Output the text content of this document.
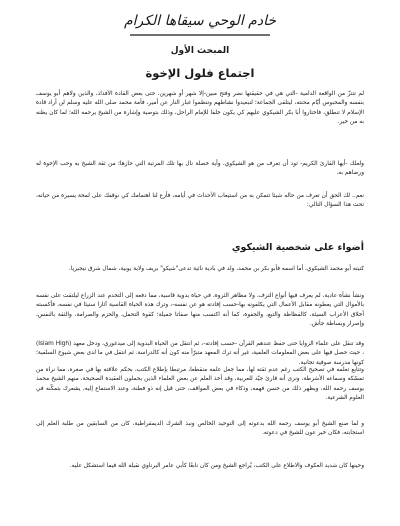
خادم الوحي سيقاها الكرام
المبحث الأول
اجتماع فلول الإخوة

لم تتنزّ من الواقعة الدامية -التي هي في حقيقتها نصر وفتح مبين-إلا شهر أو شهرين، حتى بعض القادة الأفذاذ، والذين ولاهم أبو يوسف بنفسه والمحبوس أيّام محنته، ليتلقى الجماعة؛ لتبعيدوا نشاطهم وتنظموا غبار النار عن أمير، فأمة محمد صلى الله عليه وسلم لن أراد قادة الإسلام لا تنطلق، فاختاروا أبا بكر الشيكوي عليهم كي يكون خلفا للإمام الراحل، وذلك بتوصية وإشارة من الشيخ يرحمه الله؛ لما كان يظنه به من خير.

ولعلك -أيها القارئ الكريم- تود أن تعرف من هو الشيكوي، وأية خصلة نال بها تلك المرتبة التي حازها؛ من ثقة الشيخ به وحب الإخوة له ورضاهم به.

نعم.. لك الحق أن تعرف من حاله شيئا تتمكن به من استيعاب الأحداث في أيامه، فأرع لنا اهتمامك كي نوقفك على لمحة يسيرة من حياته، تحت هذا السؤال التالي:

أضواء على شخصية الشيكوي

كنيته أبو محمد الشيكوي، أما اسمه فأبو بكر بن محمد، ولد في بادية نائية تدعى"شيكو" بريف ولاية يوبية، شمال شرق نيجيريا.

ونشأ نشأة عادية، لم يعرف فيها أنواع الترف، ولا مظاهر الثروة، في حياة بدوية قاسية، مما دفعه إلى التخدم عند الزراع ليلتقت على نفسه بالأموال التي يعطونه مقابل الأعمال التي يكلفونه بها-حسب إفادته هو عن نفسه-، وترك هذه الحياة القاسية آثارا سنيئا في نفسه، فأكسبته أخلاق الأعراب السيئة، كالفظاظة والتبع، والجفوة، كما أنه اكتسب منها صفاتا جميلة؛ كقوة التحمل، والحزم والصرامة، والثقة بالنفس، وإصرار وبساطة جأش.

وقد تنقل على علماء الزوايا حتى حفظ عندهم القرآن -حسب إفادته-، ثم انتقل من الحياة البدوية إلى ميدغوري، ودخل معهد (Islam High) ، حيث حصل فيها على بعض المعلومات العلمية، غير أنه ترك المعهد متبرّأ منه كون أنه كالدراسة. ثم انتقل في ما لدى بعض شيوخ السلفية؛ كونها مدرسة صوفية تجانية.

وتتابع تعلمه في تصحيح الكتب رغم عدم ثقته لها، مما جعل علمه منقطعا، مرتبطا بإطلاع الكتب، بحكم علاقته بها في صغره، مما نراه من تمسّكه وسماعه الأشرطة، ونرى أنه قارئ جيّد للعربية، وقد أخذ العلم عن بعض العلماء الذين يحملون العقيدة الصحيحة، منهم الشيخ محمد يوسف رحمه الله، ويظهر ذلك من حسن فهمه، وذكاء في بعض المواقف، حتى قيل إنه ذو فطنة، وعند الاستماع إليه، يشعرك بتمكّنه في العلوم الشرعية.

و لما صنع الشيخ أبو يوسف رحمه الله بدعوته إلى التوحيد الخالص ونبذ الشرك الديمقراطية، كان من السابقين من طلبة العلم إلى استجابته، فكان خير عون للشيخ في دعوته.

وحينها كان شديد العكوف والاطلاع على الكتب، يُراجع الشيخ ومن كان نابغًا كأبي عامر البرناوي نقيله الله فيما استشكل عليه.
